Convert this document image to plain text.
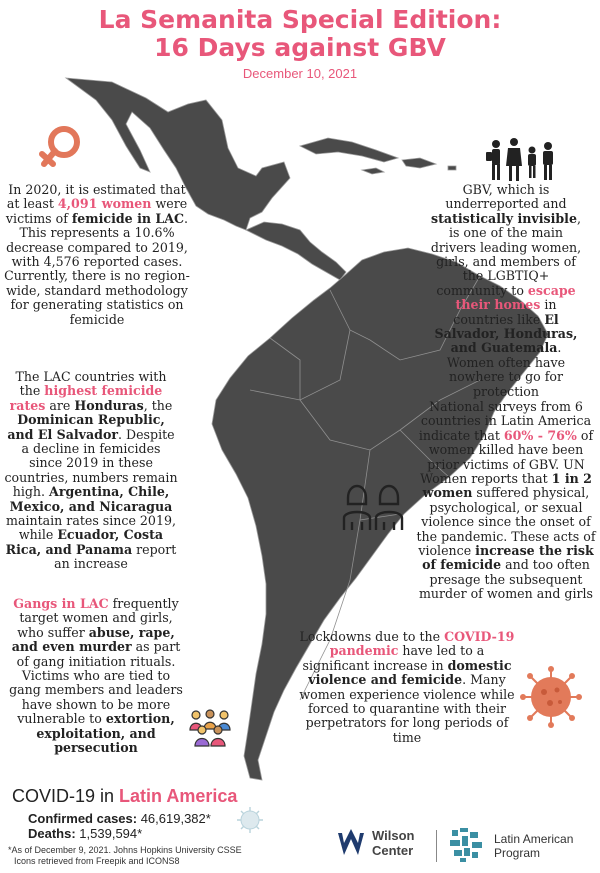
La Semanita Special Edition:
16 Days against GBV
December 10, 2021
In 2020, it is estimated that at least 4,091 women were victims of femicide in LAC. This represents a 10.6% decrease compared to 2019, with 4,576 reported cases. Currently, there is no region-wide, standard methodology for generating statistics on femicide
GBV, which is underreported and statistically invisible, is one of the main drivers leading women, girls, and members of the LGBTIQ+ community to escape their homes in countries like El Salvador, Honduras, and Guatemala. Women often have nowhere to go for protection
The LAC countries with the highest femicide rates are Honduras, the Dominican Republic, and El Salvador. Despite a decline in femicides since 2019 in these countries, numbers remain high. Argentina, Chile, Mexico, and Nicaragua maintain rates since 2019, while Ecuador, Costa Rica, and Panama report an increase
National surveys from 6 countries in Latin America indicate that 60% - 76% of women killed have been prior victims of GBV. UN Women reports that 1 in 2 women suffered physical, psychological, or sexual violence since the onset of the pandemic. These acts of violence increase the risk of femicide and too often presage the subsequent murder of women and girls
Gangs in LAC frequently target women and girls, who suffer abuse, rape, and even murder as part of gang initiation rituals. Victims who are tied to gang members and leaders have shown to be more vulnerable to extortion, exploitation, and persecution
Lockdowns due to the COVID-19 pandemic have led to a significant increase in domestic violence and femicide. Many women experience violence while forced to quarantine with their perpetrators for long periods of time
COVID-19 in Latin America
Confirmed cases: 46,619,382*
Deaths: 1,539,594*
*As of December 9, 2021. Johns Hopkins University CSSE
Icons retrieved from Freepik and ICONS8
Wilson
Center
Latin American
Program
